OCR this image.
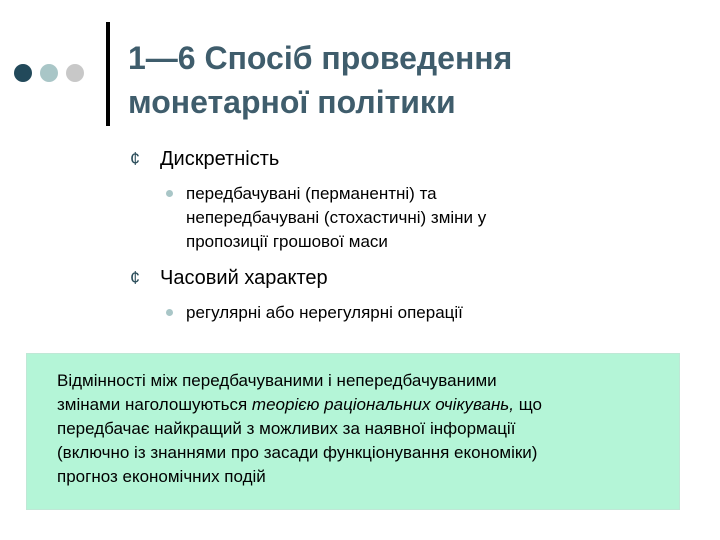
1—6 Спосіб проведення
монетарної політики
¢ Дискретність
передбачувані (перманентні) та
непередбачувані (стохастичні) зміни у
пропозиції грошової маси
¢ Часовий характер
регулярні або нерегулярні операції
Відмінності між передбачуваними і непередбачуваними
змінами наголошуються теорією раціональних очікувань, що
передбачає найкращий з можливих за наявної інформації
(включно із знаннями про засади функціонування економіки)
прогноз економічних подій
